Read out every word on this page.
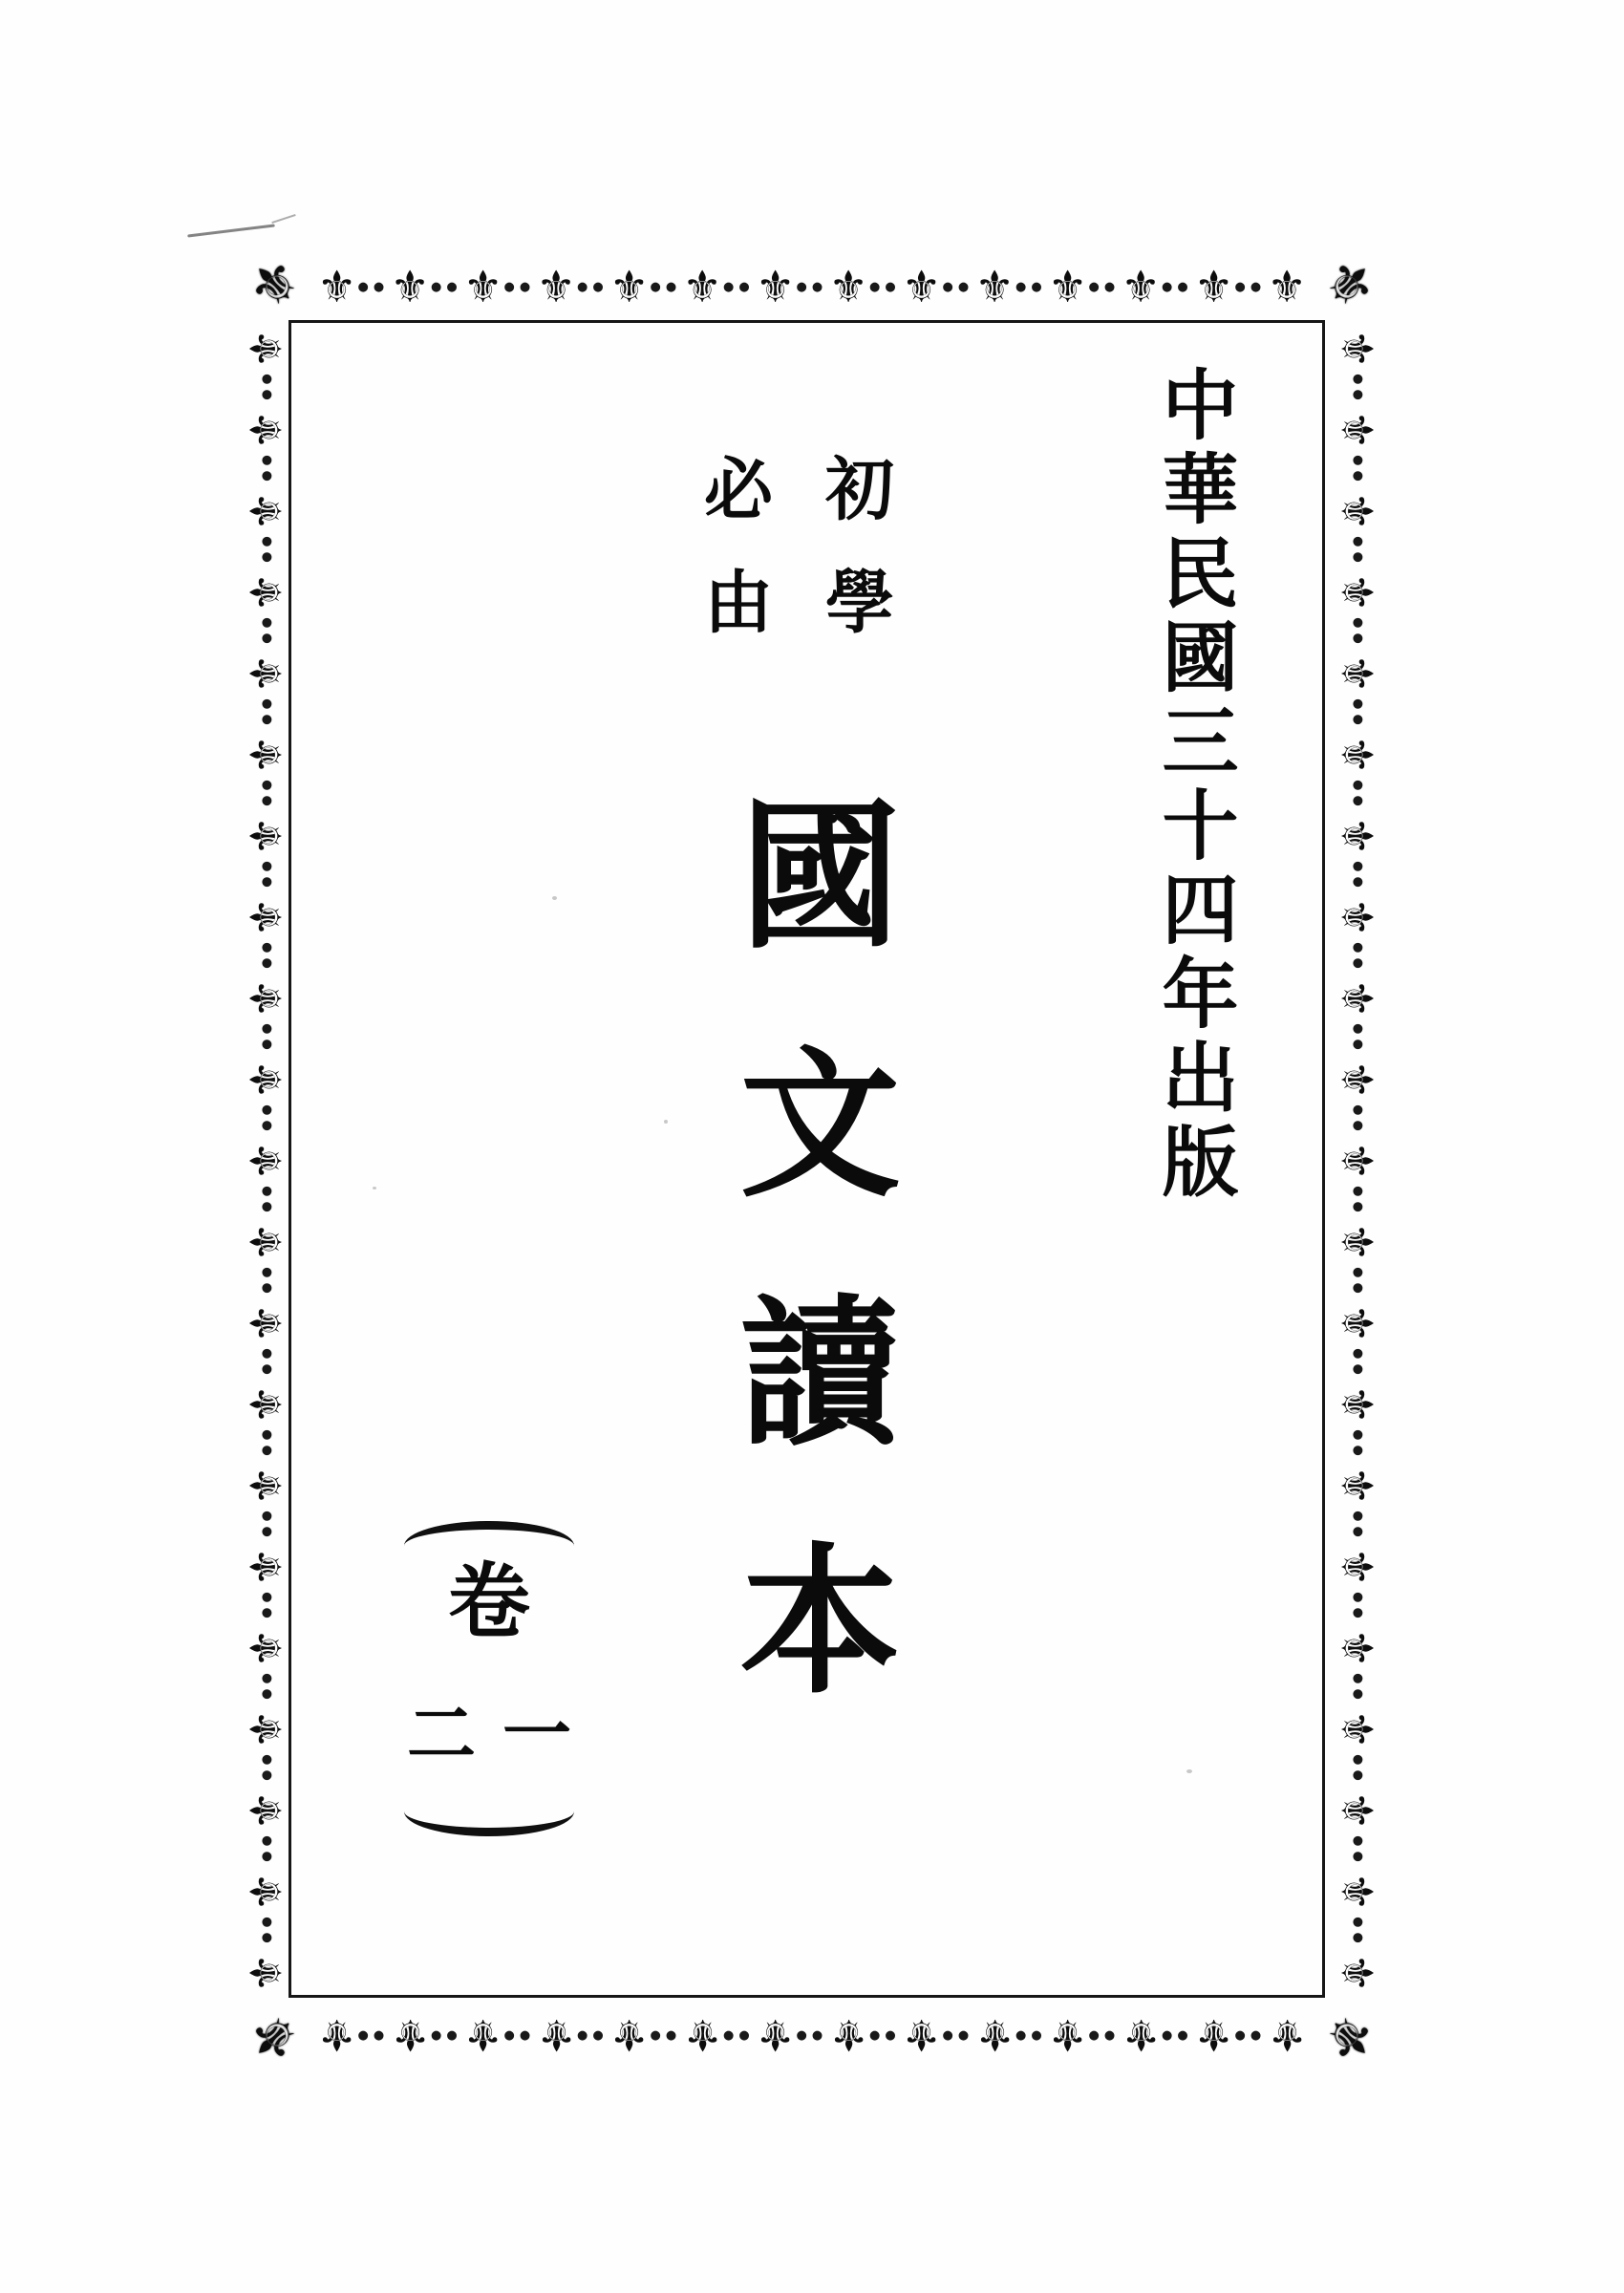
⚜	⚜
⚜	⚜
⚜ ●● ⚜ ●● ⚜ ●● ⚜ ●● ⚜ ●● ⚜ ●● ⚜ ●● ⚜ ●● ⚜ ●● ⚜ ●● ⚜ ●● ⚜ ●● ⚜ ●● ⚜
⚜ ●● ⚜ ●● ⚜ ●● ⚜ ●● ⚜ ●● ⚜ ●● ⚜ ●● ⚜ ●● ⚜ ●● ⚜ ●● ⚜ ●● ⚜ ●● ⚜ ●● ⚜
⚜
●●
⚜
●●
⚜
●●
⚜
●●
⚜
●●
⚜
●●
⚜
●●
⚜
●●
⚜
●●
⚜
●●
⚜
●●
⚜
●●
⚜
●●
⚜
●●
⚜
●●
⚜
●●
⚜
●●
⚜
●●
⚜
●●
⚜
●●
⚜
⚜
●●
⚜
●●
⚜
●●
⚜
●●
⚜
●●
⚜
●●
⚜
●●
⚜
●●
⚜
●●
⚜
●●
⚜
●●
⚜
●●
⚜
●●
⚜
●●
⚜
●●
⚜
●●
⚜
●●
⚜
●●
⚜
●●
⚜
●●
⚜
中華民國三十四年出版
初學
必由
國文讀本
卷
二 一
